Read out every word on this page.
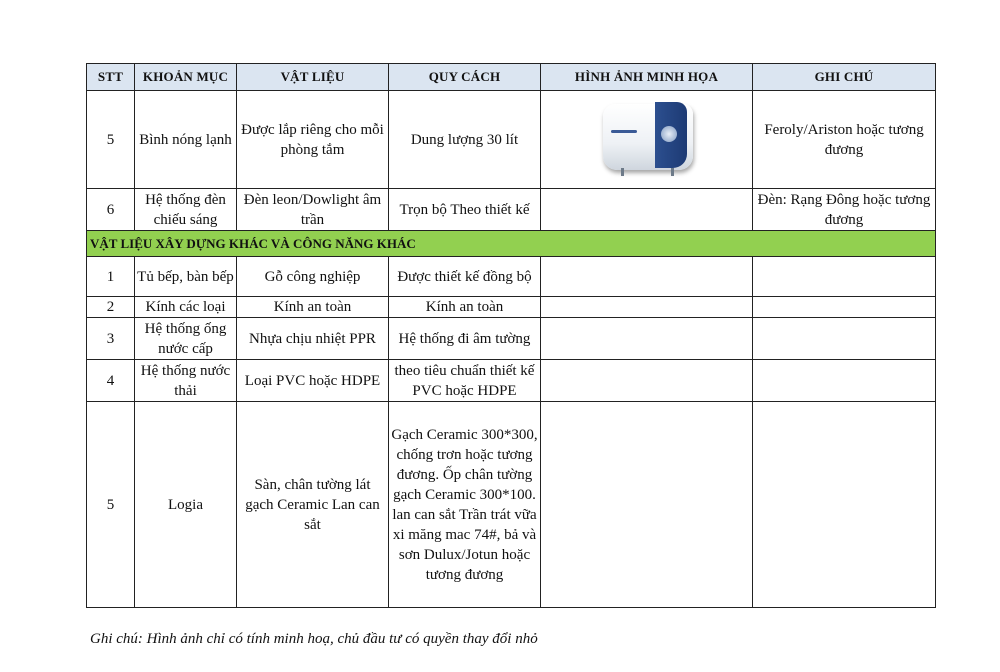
STT	KHOẢN MỤC	VẬT LIỆU	QUY CÁCH	HÌNH ẢNH MINH HỌA	GHI CHÚ
5	Bình nóng lạnh	Được lắp riêng cho mỗi phòng tắm	Dung lượng 30 lít		Feroly/Ariston hoặc tương đương
6	Hệ thống đèn chiếu sáng	Đèn leon/Dowlight âm trần	Trọn bộ Theo thiết kế		Đèn: Rạng Đông hoặc tương đương
VẬT LIỆU XÂY DỰNG KHÁC VÀ CÔNG NĂNG KHÁC					
1	Tủ bếp, bàn bếp	Gỗ công nghiệp	Được thiết kế đồng bộ		
2	Kính các loại	Kính an toàn	Kính an toàn		
3	Hệ thống ống nước cấp	Nhựa chịu nhiệt PPR	Hệ thống đi âm tường		
4	Hệ thống nước thải	Loại PVC hoặc HDPE	theo tiêu chuẩn thiết kế PVC hoặc HDPE		
5	Logia	Sàn, chân tường lát gạch Ceramic Lan can sắt	Gạch Ceramic 300*300, chống trơn hoặc tương đương. Ốp chân tường gạch Ceramic 300*100. lan can sắt Trần trát vữa xi măng mac 74#, bả và sơn Dulux/Jotun hoặc tương đương		
Ghi chú: Hình ảnh chỉ có tính minh hoạ, chủ đầu tư có quyền thay đổi nhỏ
